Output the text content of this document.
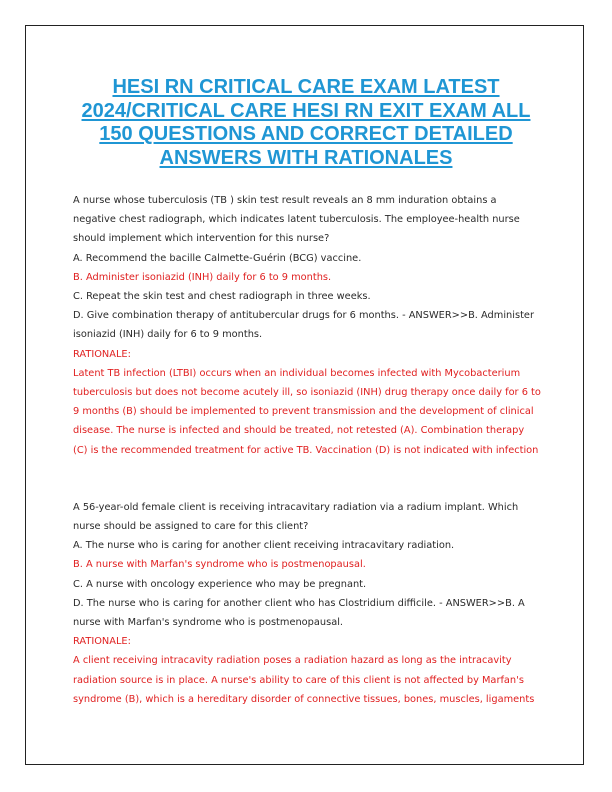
HESI RN CRITICAL CARE EXAM LATEST 2024/CRITICAL CARE HESI RN EXIT EXAM ALL 150 QUESTIONS AND CORRECT DETAILED ANSWERS WITH RATIONALES

A nurse whose tuberculosis (TB ) skin test result reveals an 8 mm induration obtains a negative chest radiograph, which indicates latent tuberculosis. The employee-health nurse should implement which intervention for this nurse?

A. Recommend the bacille Calmette-Guérin (BCG) vaccine.

B. Administer isoniazid (INH) daily for 6 to 9 months.

C. Repeat the skin test and chest radiograph in three weeks.

D. Give combination therapy of antitubercular drugs for 6 months. - ANSWER>>B. Administer isoniazid (INH) daily for 6 to 9 months.

RATIONALE:

Latent TB infection (LTBI) occurs when an individual becomes infected with Mycobacterium tuberculosis but does not become acutely ill, so isoniazid (INH) drug therapy once daily for 6 to 9 months (B) should be implemented to prevent transmission and the development of clinical disease. The nurse is infected and should be treated, not retested (A). Combination therapy (C) is the recommended treatment for active TB. Vaccination (D) is not indicated with infection

A 56-year-old female client is receiving intracavitary radiation via a radium implant. Which nurse should be assigned to care for this client?

A. The nurse who is caring for another client receiving intracavitary radiation.

B. A nurse with Marfan's syndrome who is postmenopausal.

C. A nurse with oncology experience who may be pregnant.

D. The nurse who is caring for another client who has Clostridium difficile. - ANSWER>>B. A nurse with Marfan's syndrome who is postmenopausal.

RATIONALE:

A client receiving intracavity radiation poses a radiation hazard as long as the intracavity radiation source is in place. A nurse's ability to care of this client is not affected by Marfan's syndrome (B), which is a hereditary disorder of connective tissues, bones, muscles, ligaments
